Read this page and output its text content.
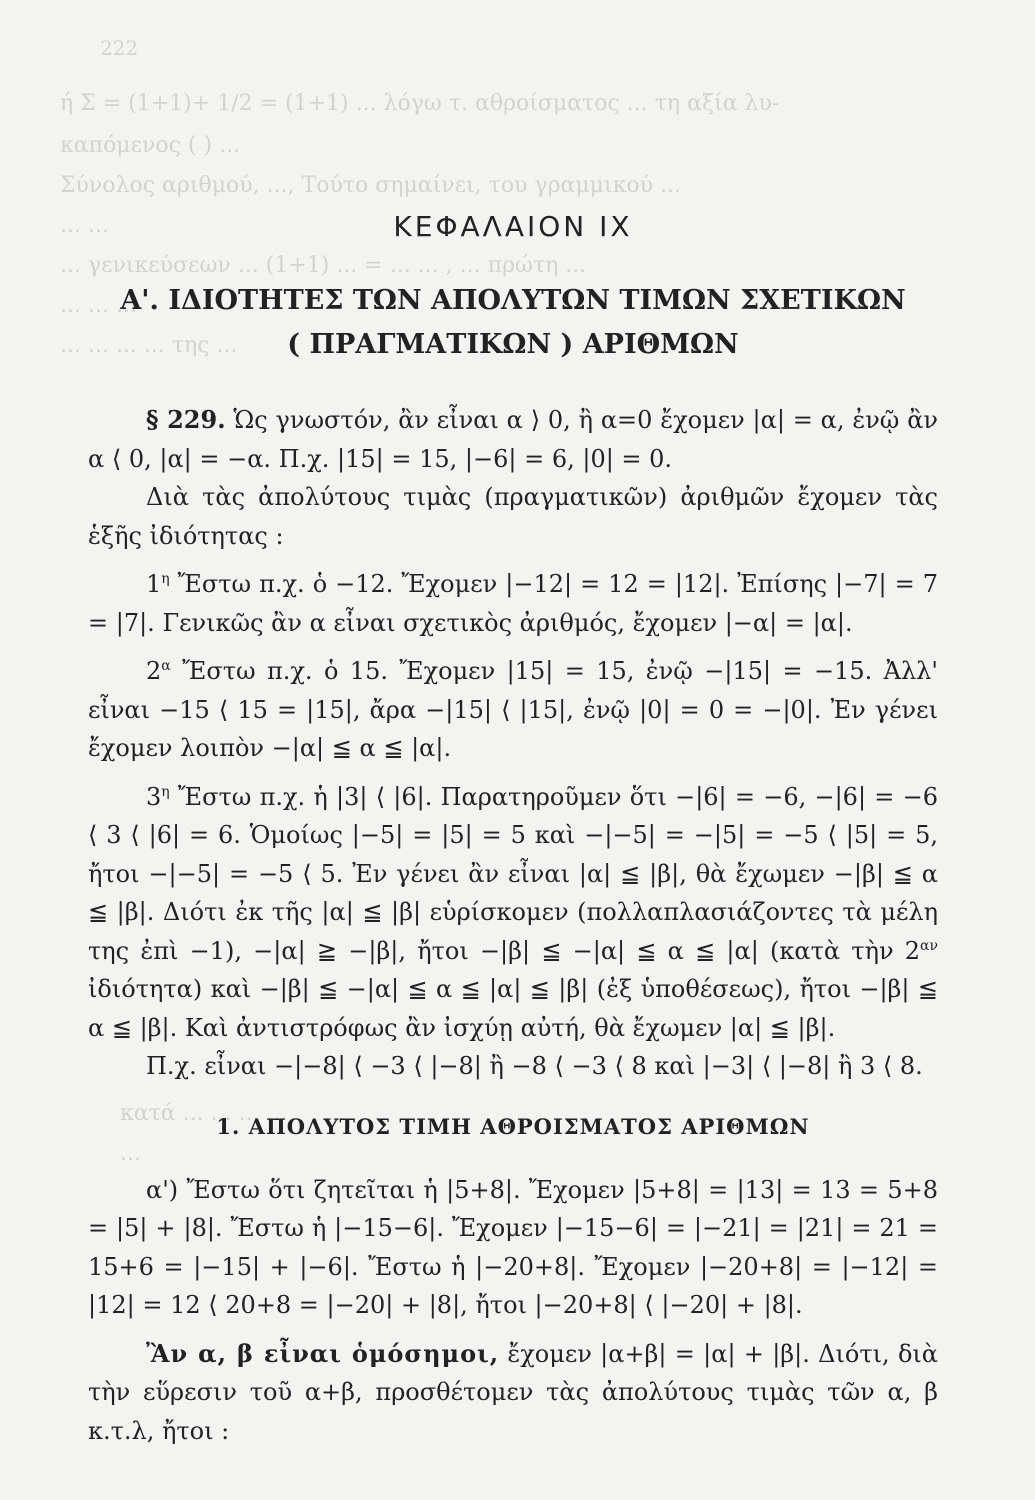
222
ή Σ = (1+1)+ 1/2 = (1+1) ... λόγω τ. αθροίσματος ... τη αξία λυ-
καπόμενος ( ) ...
Σύνολος αριθμού, ..., Τούτο σημαίνει, του γραμμικού ...
... ...
... γενικεύσεων ... (1+1) ... = ... ... , ... πρώτη ...
... ... ...
... ... ... ... της ...
κατά ... ... ... ...
...
ΚΕΦΑΛΑΙΟΝ ΙΧ
Α'. ΙΔΙΟΤΗΤΕΣ ΤΩΝ ΑΠΟΛΥΤΩΝ ΤΙΜΩΝ ΣΧΕΤΙΚΩΝ
( ΠΡΑΓΜΑΤΙΚΩΝ ) ΑΡΙΘΜΩΝ

§ 229. Ὡς γνωστόν, ἂν εἶναι α ⟩ 0, ἢ α=0 ἔχομεν |α| = α, ἐνῷ ἂν α ⟨ 0, |α| = −α. Π.χ. |15| = 15, |−6| = 6, |0| = 0.

Διὰ τὰς ἀπολύτους τιμὰς (πραγματικῶν) ἀριθμῶν ἔχομεν τὰς ἑξῆς ἰδιότητας :

$1^\eta$ Ἔστω π.χ. ὁ −12. Ἔχομεν |−12| = 12 = |12|. Ἐπίσης |−7| = 7 = |7|. Γενικῶς ἂν α εἶναι σχετικὸς ἀριθμός, ἔχομεν |−α| = |α|.

$2^\alpha$ Ἔστω π.χ. ὁ 15. Ἔχομεν |15| = 15, ἐνῷ −|15| = −15. Ἀλλ' εἶναι −15 ⟨ 15 = |15|, ἄρα −|15| ⟨ |15|, ἐνῷ |0| = 0 = −|0|. Ἐν γένει ἔχομεν λοιπὸν −|α| ≦ α ≦ |α|.

$3^\eta$ Ἔστω π.χ. ἡ |3| ⟨ |6|. Παρατηροῦμεν ὅτι −|6| = −6, −|6| = −6 ⟨ 3 ⟨ |6| = 6. Ὁμοίως |−5| = |5| = 5 καὶ −|−5| = −|5| = −5 ⟨ |5| = 5, ἤτοι −|−5| = −5 ⟨ 5. Ἐν γένει ἂν εἶναι |α| ≦ |β|, θὰ ἔχωμεν −|β| ≦ α ≦ |β|. Διότι ἐκ τῆς |α| ≦ |β| εὑρίσκομεν (πολλαπλασιάζοντες τὰ μέλη της ἐπὶ −1), −|α| ≧ −|β|, ἤτοι −|β| ≦ −|α| ≦ α ≦ |α| (κατὰ τὴν $2^{\alpha\nu}$ ἰδιότητα) καὶ −|β| ≦ −|α| ≦ α ≦ |α| ≦ |β| (ἐξ ὑποθέσεως), ἤτοι −|β| ≦ α ≦ |β|. Καὶ ἀντιστρόφως ἂν ἰσχύῃ αὐτή, θὰ ἔχωμεν |α| ≦ |β|.

Π.χ. εἶναι −|−8| ⟨ −3 ⟨ |−8| ἢ −8 ⟨ −3 ⟨ 8 καὶ |−3| ⟨ |−8| ἢ 3 ⟨ 8.

1. ΑΠΟΛΥΤΟΣ ΤΙΜΗ ΑΘΡΟΙΣΜΑΤΟΣ ΑΡΙΘΜΩΝ

α') Ἔστω ὅτι ζητεῖται ἡ |5+8|. Ἔχομεν |5+8| = |13| = 13 = 5+8 = |5| + |8|. Ἔστω ἡ |−15−6|. Ἔχομεν |−15−6| = |−21| = |21| = 21 = 15+6 = |−15| + |−6|. Ἔστω ἡ |−20+8|. Ἔχομεν |−20+8| = |−12| = |12| = 12 ⟨ 20+8 = |−20| + |8|, ἤτοι |−20+8| ⟨ |−20| + |8|.

Ἂν α, β εἶναι ὁμόσημοι, ἔχομεν |α+β| = |α| + |β|. Διότι, διὰ τὴν εὕρεσιν τοῦ α+β, προσθέτομεν τὰς ἀπολύτους τιμὰς τῶν α, β κ.τ.λ, ἤτοι :
